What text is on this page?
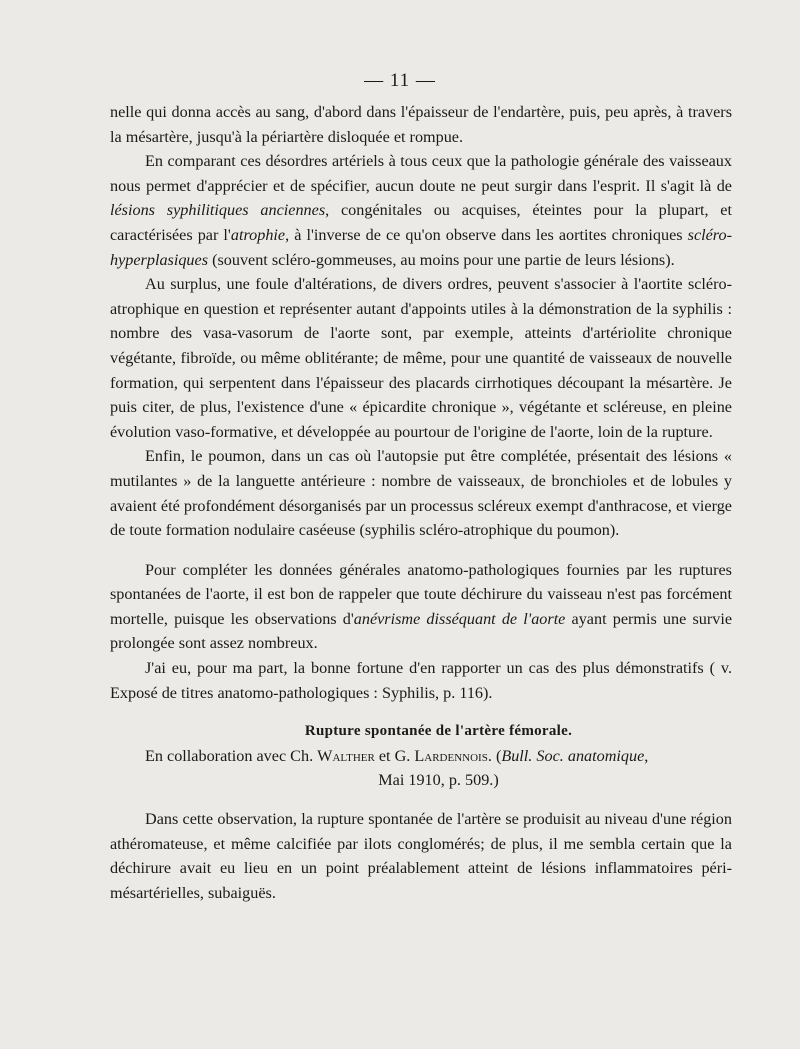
— 11 —

nelle qui donna accès au sang, d'abord dans l'épaisseur de l'endartère, puis, peu après, à travers la mésartère, jusqu'à la périartère disloquée et rompue.

En comparant ces désordres artériels à tous ceux que la pathologie générale des vaisseaux nous permet d'apprécier et de spécifier, aucun doute ne peut surgir dans l'esprit. Il s'agit là de lésions syphilitiques anciennes, congénitales ou acquises, éteintes pour la plupart, et caractérisées par l'atrophie, à l'inverse de ce qu'on observe dans les aortites chroniques scléro-hyperplasiques (souvent scléro-gommeuses, au moins pour une partie de leurs lésions).

Au surplus, une foule d'altérations, de divers ordres, peuvent s'associer à l'aortite scléro-atrophique en question et représenter autant d'appoints utiles à la démonstration de la syphilis : nombre des vasa-vasorum de l'aorte sont, par exemple, atteints d'artériolite chronique végétante, fibroïde, ou même oblitérante; de même, pour une quantité de vaisseaux de nouvelle formation, qui serpentent dans l'épaisseur des placards cirrhotiques découpant la mésartère. Je puis citer, de plus, l'existence d'une « épicardite chronique », végétante et scléreuse, en pleine évolution vaso-formative, et développée au pourtour de l'origine de l'aorte, loin de la rupture.

Enfin, le poumon, dans un cas où l'autopsie put être complétée, présentait des lésions « mutilantes » de la languette antérieure : nombre de vaisseaux, de bronchioles et de lobules y avaient été profondément désorganisés par un processus scléreux exempt d'anthracose, et vierge de toute formation nodulaire caséeuse (syphilis scléro-atrophique du poumon).

Pour compléter les données générales anatomo-pathologiques fournies par les ruptures spontanées de l'aorte, il est bon de rappeler que toute déchirure du vaisseau n'est pas forcément mortelle, puisque les observations d'anévrisme disséquant de l'aorte ayant permis une survie prolongée sont assez nombreux.

J'ai eu, pour ma part, la bonne fortune d'en rapporter un cas des plus démonstratifs ( v. Exposé de titres anatomo-pathologiques : Syphilis, p. 116).

Rupture spontanée de l'artère fémorale.

En collaboration avec Ch. Walther et G. Lardennois. (Bull. Soc. anatomique,

Mai 1910, p. 509.)

Dans cette observation, la rupture spontanée de l'artère se produisit au niveau d'une région athéromateuse, et même calcifiée par ilots conglomérés; de plus, il me sembla certain que la déchirure avait eu lieu en un point préalablement atteint de lésions inflammatoires péri-mésartérielles, subaiguës.
